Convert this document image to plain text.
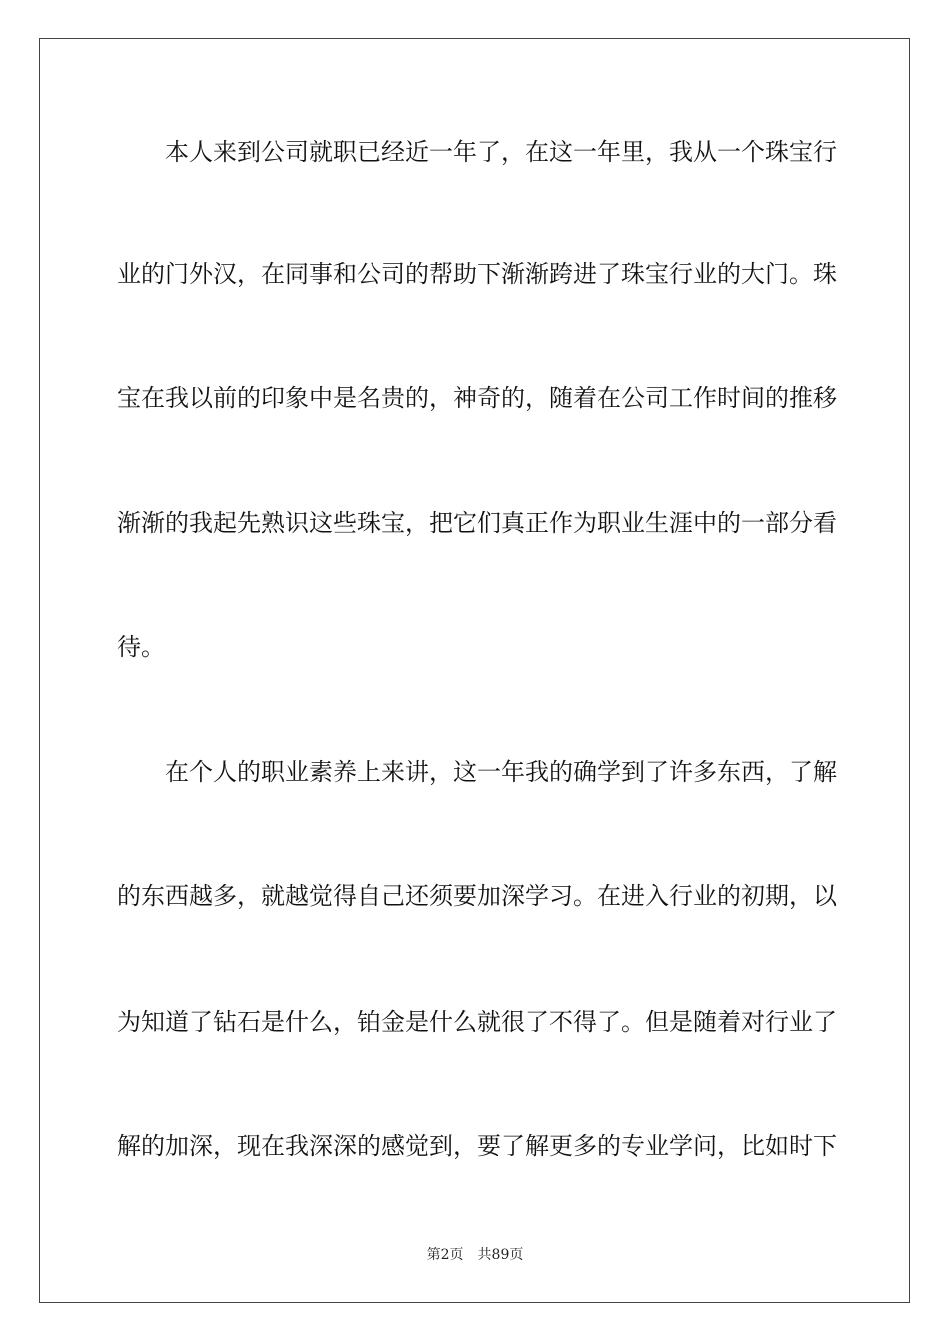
　　本人来到公司就职已经近一年了，在这一年里，我从一个珠宝行
业的门外汉，在同事和公司的帮助下渐渐跨进了珠宝行业的大门。珠
宝在我以前的印象中是名贵的，神奇的，随着在公司工作时间的推移
渐渐的我起先熟识这些珠宝，把它们真正作为职业生涯中的一部分看
待。
　　在个人的职业素养上来讲，这一年我的确学到了许多东西，了解
的东西越多，就越觉得自己还须要加深学习。在进入行业的初期，以
为知道了钻石是什么，铂金是什么就很了不得了。但是随着对行业了
解的加深，现在我深深的感觉到，要了解更多的专业学问，比如时下
第2页　共89页
